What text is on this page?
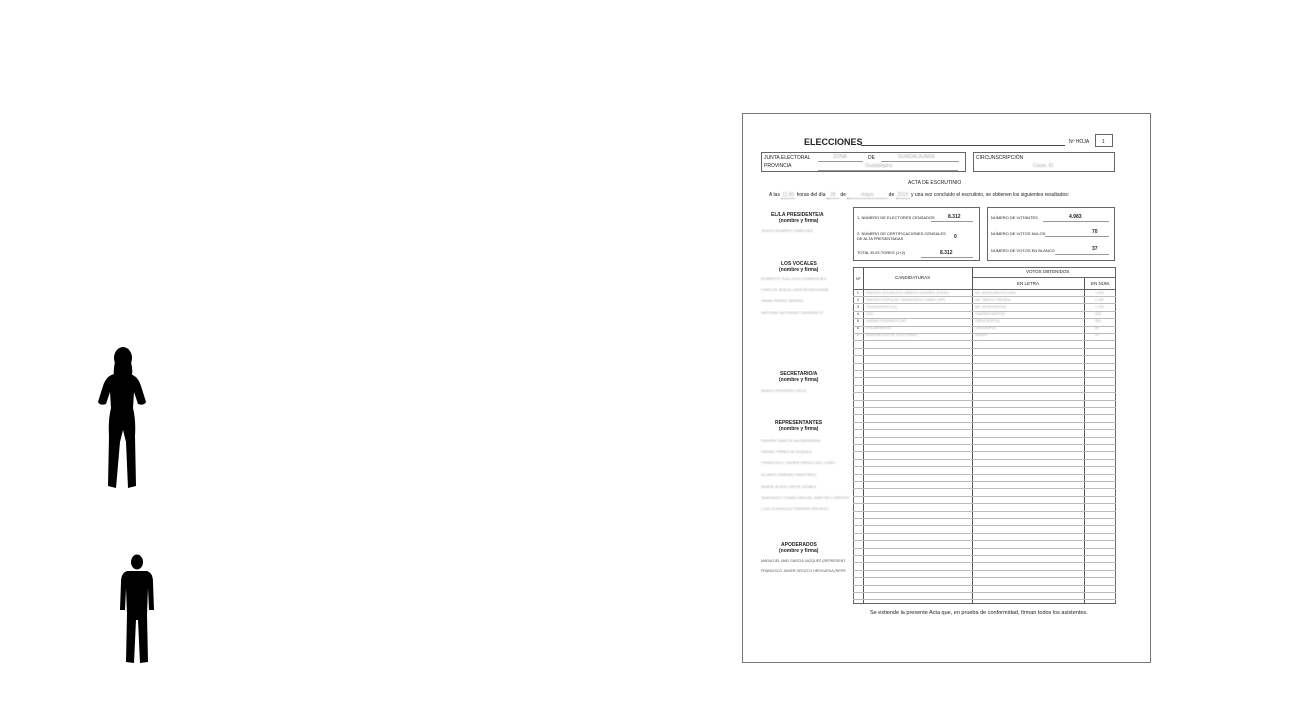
ELECCIONES	Nº HOJA	1
JUNTA ELECTORAL	ZONA	DE	GUADALAJARA
PROVINCIA	Guadalajara
CIRCUNSCRIPCIÓN
Casar, El
ACTA DE ESCRUTINIO
A las 11:00 horas del día 26 de	mayo	de 2019 y una vez concluido el escrutinio, se obtienen los siguientes resultados:
EL/LA PRESIDENTE/A
(nombre y firma)
JESÚS ROMERO SÁNCHEZ
LOS VOCALES
(nombre y firma)
ROBERTO GALLEGO DOMÍNGUEZ
CARLOS JESÚS GARCÍA REGUERA
JAIME PÉREZ MORAN
ANTONIO ALFONSO CARRASCO
SECRETARIO/A
(nombre y firma)
MARIO PEDRERO RÍOS
REPRESENTANTES
(nombre y firma)
RAMÓN GARCÍA VALDERRAMA
ISRAEL PÉREZ BLÁZQUEZ
FRANCISCO JAVIER PÉREZ DEL CAÑO
ALVARO JIMÉNEZ MARTÍNEZ
MARÍA JESÚS ORTIZ GÓMEZ
SANTIAGO TOMÁS MIGUEL MARTÍN LORENTE
LUIS GONZALEZ FERRER GRUESO
APODERADOS
(nombre y firma)
MARIA DEL MAR GARCÍA VAZQUEZ (REPRESENT.
FRANCISCO JAVIER OROZCO HERGUEDA (REPR
1. NÚMERO DE ELECTORES CENSADOS	8.312
2. NÚMERO DE CERTIFICACIONES CENSALES
DE ALTA PRESENTADAS	0
TOTAL ELECTORES (1+2)	8.312
NÚMERO DE VOTANTES	4.983
NÚMERO DE VOTOS NULOS	70
NÚMERO DE VOTOS EN BLANCO	37
Nº	CANDIDATURAS
VOTOS OBTENIDOS
EN LETRA	EN NÚM.
1 PARTIDO SOCIALISTA OBRERO ESPAÑOL (PSOE)	MIL NOVECIENTOS DIEZ	1.910
2 PARTIDO POPULAR / MANIFIESTO CAMPO (PP)	MIL CIENTO TREINTA	1.130
3 CIUDADANOS (Cs)	MIL SETECIENTOS	1.700
4 VOX	CUATROCIENTOS	400
5 UNIDAS PODEMOS (UP)	TRESCIENTOS	300
6 VOLUNTARIOS	CINCUENTA	50
7 AGRUPACIÓN DE ELECTORES	VEINTE	20
Se extiende la presente Acta que, en prueba de conformidad, firman todos los asistentes.
